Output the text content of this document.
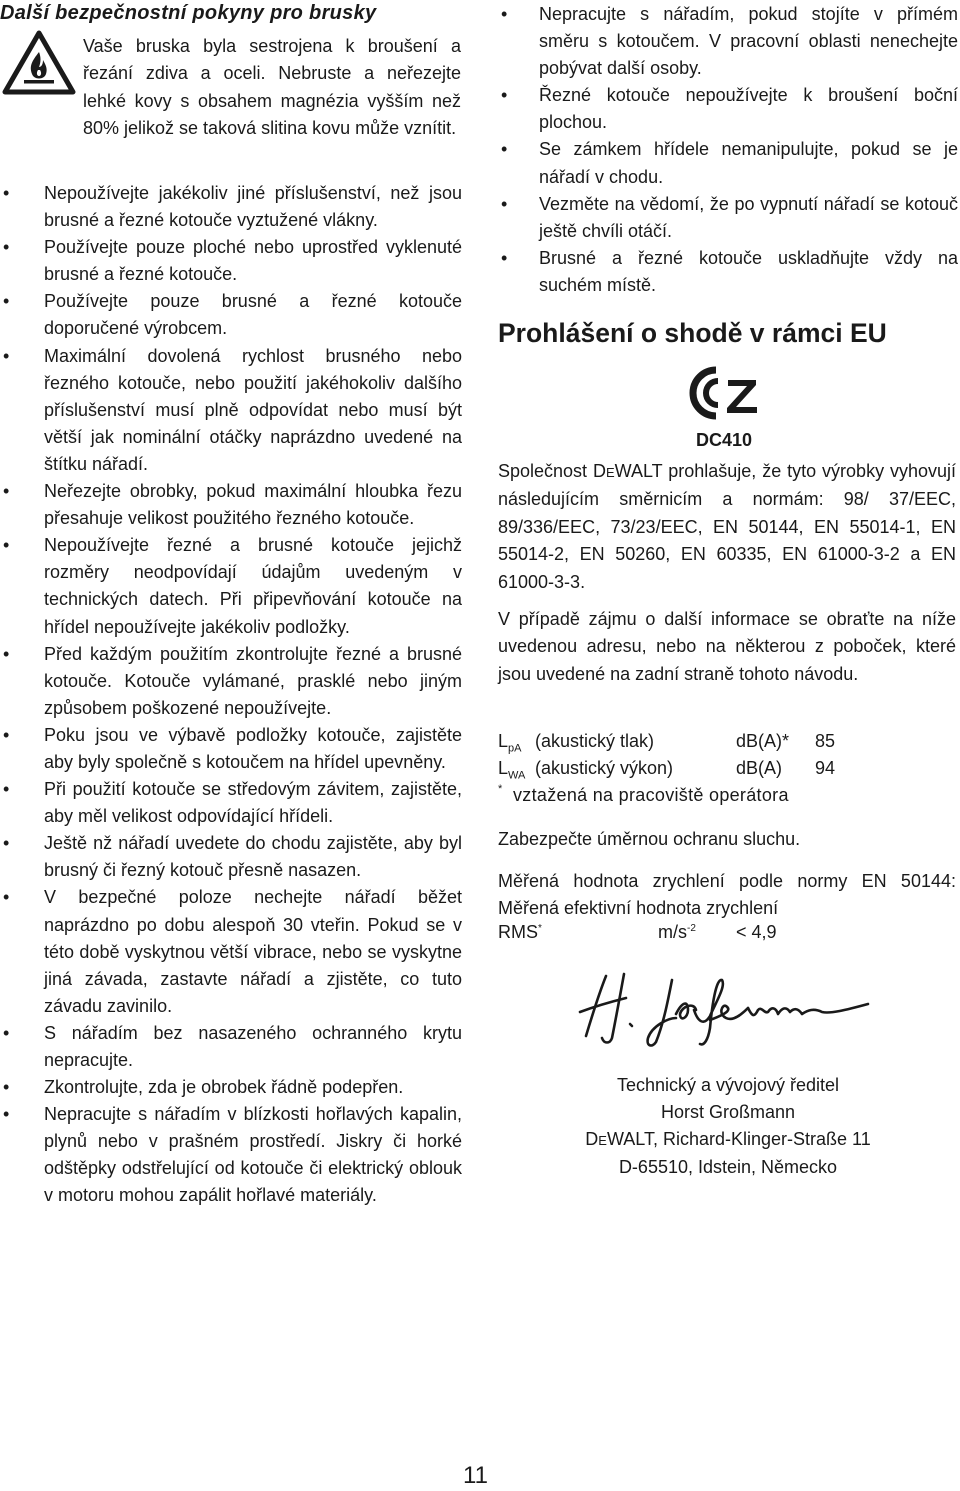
Další bezpečnostní pokyny pro brusky

Vaše bruska byla sestrojena k broušení a řezání zdiva a oceli. Nebruste a neřezejte lehké kovy s obsahem magnézia vyšším než 80% jelikož se taková slitina kovu může vznítit.

• Nepoužívejte jakékoliv jiné příslušenství, než jsou brusné a řezné kotouče vyztužené vlákny.
• Používejte pouze ploché nebo uprostřed vyklenuté brusné a řezné kotouče.
• Používejte pouze brusné a řezné kotouče doporučené výrobcem.
• Maximální dovolená rychlost brusného nebo řezného kotouče, nebo použití jakéhokoliv dalšího příslušenství musí plně odpovídat nebo musí být větší jak nominální otáčky naprázdno uvedené na štítku nářadí.
• Neřezejte obrobky, pokud maximální hloubka řezu přesahuje velikost použitého řezného kotouče.
• Nepoužívejte řezné a brusné kotouče jejichž rozměry neodpovídají údajům uvedeným v technických datech. Při připevňování kotouče na hřídel nepoužívejte jakékoliv podložky.
• Před každým použitím zkontrolujte řezné a brusné kotouče. Kotouče vylámané, prasklé nebo jiným způsobem poškozené nepoužívejte.
• Poku jsou ve výbavě podložky kotouče, zajistěte aby byly společně s kotoučem na hřídel upevněny.
• Při použití kotouče se středovým závitem, zajistěte, aby měl velikost odpovídající hřídeli.
• Ještě nž nářadí uvedete do chodu zajistěte, aby byl brusný či řezný kotouč přesně nasazen.
• V bezpečné poloze nechejte nářadí běžet naprázdno po dobu alespoň 30 vteřin. Pokud se v této době vyskytnou větší vibrace, nebo se vyskytne jiná závada, zastavte nářadí a zjistěte, co tuto závadu zavinilo.
• S nářadím bez nasazeného ochranného krytu nepracujte.
• Zkontrolujte, zda je obrobek řádně podepřen.
• Nepracujte s nářadím v blízkosti hořlavých kapalin, plynů nebo v prašném prostředí. Jiskry či horké odštěpky odstřelující od kotouče či elektrický oblouk v motoru mohou zapálit hořlavé materiály.
• Nepracujte s nářadím, pokud stojíte v přímém směru s kotoučem. V pracovní oblasti nenechejte pobývat další osoby.
• Řezné kotouče nepoužívejte k broušení boční plochou.
• Se zámkem hřídele nemanipulujte, pokud se je nářadí v chodu.
• Vezměte na vědomí, že po vypnutí nářadí se kotouč ještě chvíli otáčí.
• Brusné a řezné kotouče uskladňujte vždy na suchém místě.
Prohlášení o shodě v rámci EU
DC410

Společnost DEWALT prohlašuje, že tyto výrobky vyhovují následujícím směrnicím a normám: 98/ 37/EEC, 89/336/EEC, 73/23/EEC, EN 50144, EN 55014-1, EN 55014-2, EN 50260, EN 60335, EN 61000-3-2 a EN 61000-3-3.

V případě zájmu o další informace se obraťte na níže uvedenou adresu, nebo na některou z poboček, které jsou uvedené na zadní straně tohoto návodu.

$L_{pA}$ (akustický tlak)	dB(A)* 85
$L_{WA}$ (akustický výkon)	dB(A) 94
* vztažená na pracoviště operátora

Zabezpečte úměrnou ochranu sluchu.

Měřená hodnota zrychlení podle normy EN 50144: Měřená efektivní hodnota zrychlení

RMS*	$m/s^{-2} < 4,9$
Technický a vývojový ředitel
Horst Großmann
DEWALT, Richard-Klinger-Straße 11
D-65510, Idstein, Německo
11
